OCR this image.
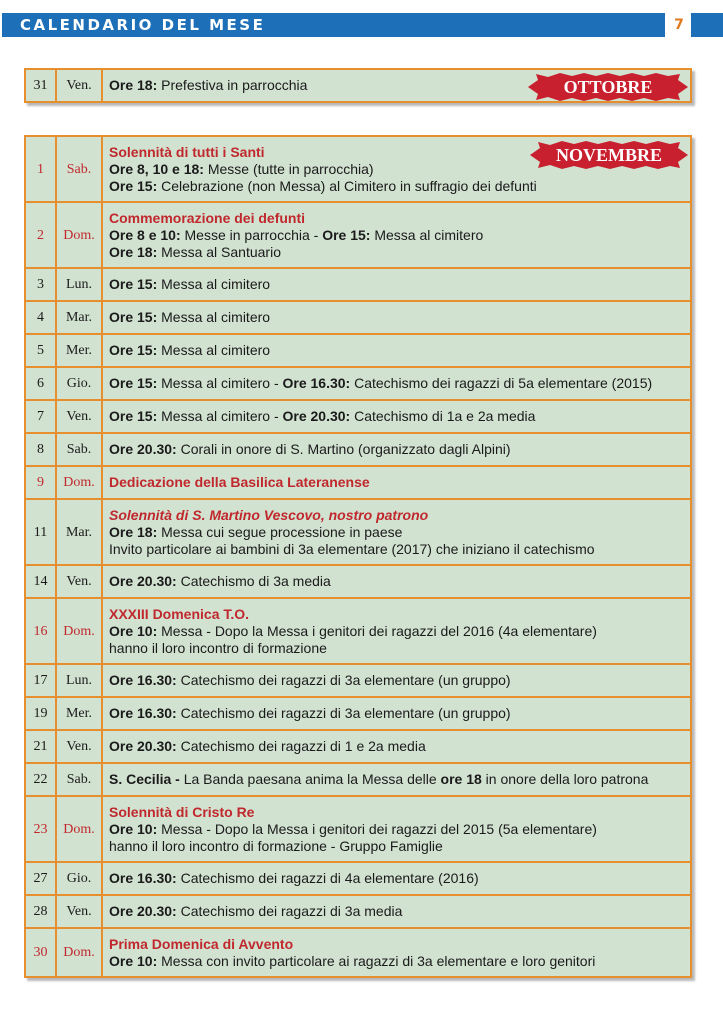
CALENDARIO DEL MESE	7
31	Ven.	Ore 18: Prefestiva in parrocchia
1	Sab.	Solennità di tutti i Santi
Ore 8, 10 e 18: Messe (tutte in parrocchia)
Ore 15: Celebrazione (non Messa) al Cimitero in suffragio dei defunti

2	Dom.	Commemorazione dei defunti
Ore 8 e 10: Messe in parrocchia - Ore 15: Messa al cimitero
Ore 18: Messa al Santuario

3	Lun.	Ore 15: Messa al cimitero

4	Mar.	Ore 15: Messa al cimitero

5	Mer.	Ore 15: Messa al cimitero

6	Gio.	Ore 15: Messa al cimitero - Ore 16.30: Catechismo dei ragazzi di 5a elementare (2015)

7	Ven.	Ore 15: Messa al cimitero - Ore 20.30: Catechismo di 1a e 2a media

8	Sab.	Ore 20.30: Corali in onore di S. Martino (organizzato dagli Alpini)

9	Dom.	Dedicazione della Basilica Lateranense

11	Mar.	Solennità di S. Martino Vescovo, nostro patrono
Ore 18: Messa cui segue processione in paese
Invito particolare ai bambini di 3a elementare (2017) che iniziano il catechismo

14	Ven.	Ore 20.30: Catechismo di 3a media

16	Dom.	XXXIII Domenica T.O.
Ore 10: Messa - Dopo la Messa i genitori dei ragazzi del 2016 (4a elementare)
hanno il loro incontro di formazione

17	Lun.	Ore 16.30: Catechismo dei ragazzi di 3a elementare (un gruppo)

19	Mer.	Ore 16.30: Catechismo dei ragazzi di 3a elementare (un gruppo)

21	Ven.	Ore 20.30: Catechismo dei ragazzi di 1 e 2a media

22	Sab.	S. Cecilia - La Banda paesana anima la Messa delle ore 18 in onore della loro patrona

23	Dom.	Solennità di Cristo Re
Ore 10: Messa - Dopo la Messa i genitori dei ragazzi del 2015 (5a elementare)
hanno il loro incontro di formazione - Gruppo Famiglie

27	Gio.	Ore 16.30: Catechismo dei ragazzi di 4a elementare (2016)

28	Ven.	Ore 20.30: Catechismo dei ragazzi di 3a media

30	Dom.	Prima Domenica di Avvento
Ore 10: Messa con invito particolare ai ragazzi di 3a elementare e loro genitori
OTTOBRE
NOVEMBRE
